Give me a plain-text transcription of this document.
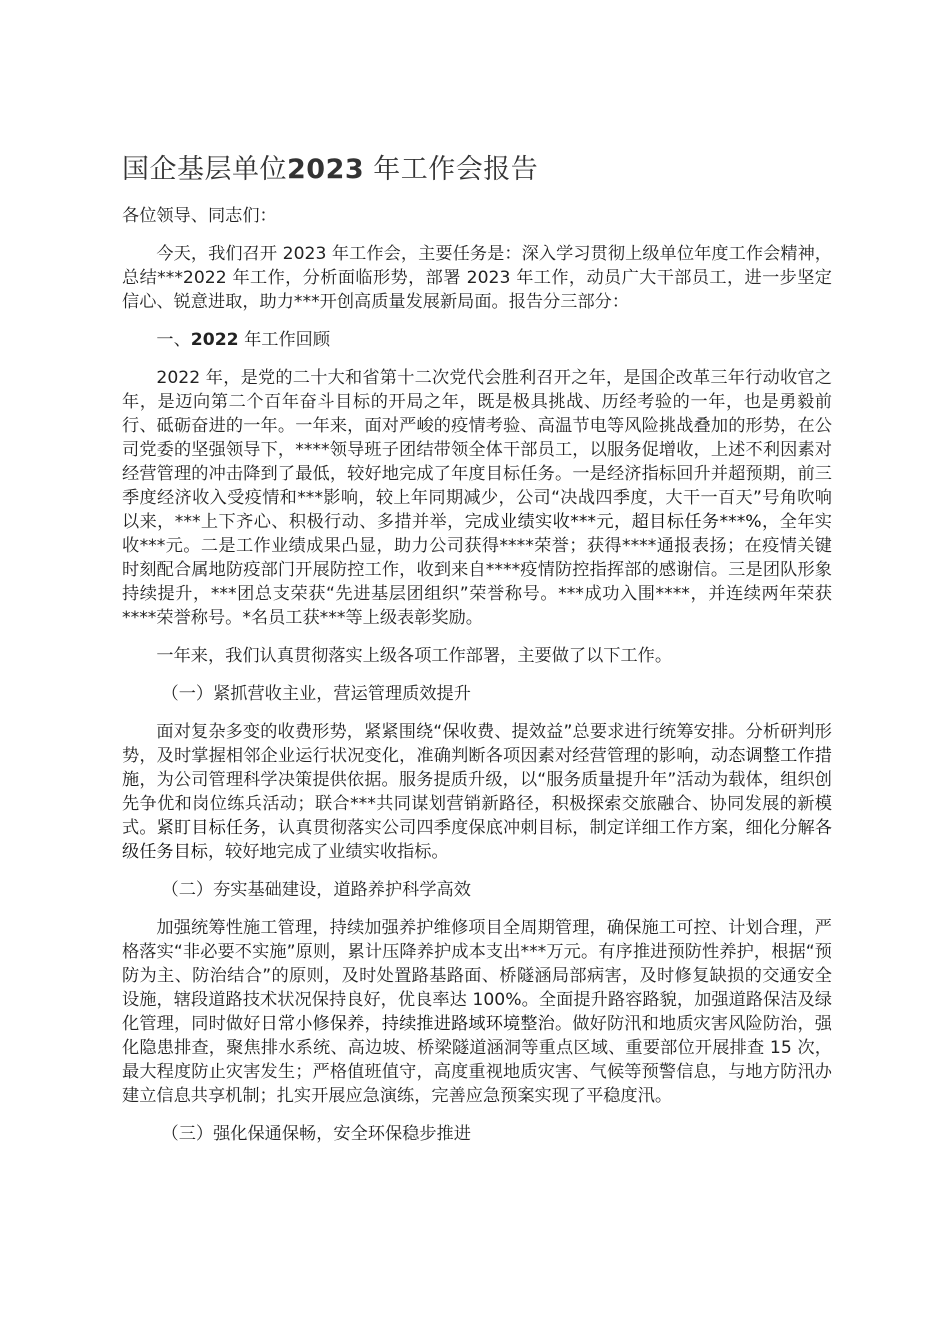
国企基层单位2023 年工作会报告

各位领导、同志们：

今天，我们召开 2023 年工作会，主要任务是：深入学习贯彻上级单位年度工作会精神，总结***2022 年工作，分析面临形势，部署 2023 年工作，动员广大干部员工，进一步坚定信心、锐意进取，助力***开创高质量发展新局面。报告分三部分：

一、2022 年工作回顾

2022 年，是党的二十大和省第十二次党代会胜利召开之年，是国企改革三年行动收官之年，是迈向第二个百年奋斗目标的开局之年，既是极具挑战、历经考验的一年，也是勇毅前行、砥砺奋进的一年。一年来，面对严峻的疫情考验、高温节电等风险挑战叠加的形势，在公司党委的坚强领导下，****领导班子团结带领全体干部员工，以服务促增收，上述不利因素对经营管理的冲击降到了最低，较好地完成了年度目标任务。一是经济指标回升并超预期，前三季度经济收入受疫情和***影响，较上年同期减少，公司“决战四季度，大干一百天”号角吹响以来，***上下齐心、积极行动、多措并举，完成业绩实收***元，超目标任务***%，全年实收***元。二是工作业绩成果凸显，助力公司获得****荣誉；获得****通报表扬；在疫情关键时刻配合属地防疫部门开展防控工作，收到来自****疫情防控指挥部的感谢信。三是团队形象持续提升，***团总支荣获“先进基层团组织”荣誉称号。***成功入围****，并连续两年荣获****荣誉称号。*名员工获***等上级表彰奖励。

一年来，我们认真贯彻落实上级各项工作部署，主要做了以下工作。

（一）紧抓营收主业，营运管理质效提升

面对复杂多变的收费形势，紧紧围绕“保收费、提效益”总要求进行统筹安排。分析研判形势，及时掌握相邻企业运行状况变化，准确判断各项因素对经营管理的影响，动态调整工作措施，为公司管理科学决策提供依据。服务提质升级，以“服务质量提升年”活动为载体，组织创先争优和岗位练兵活动；联合***共同谋划营销新路径，积极探索交旅融合、协同发展的新模式。紧盯目标任务，认真贯彻落实公司四季度保底冲刺目标，制定详细工作方案，细化分解各级任务目标，较好地完成了业绩实收指标。

（二）夯实基础建设，道路养护科学高效

加强统筹性施工管理，持续加强养护维修项目全周期管理，确保施工可控、计划合理，严格落实“非必要不实施”原则，累计压降养护成本支出***万元。有序推进预防性养护，根据“预防为主、防治结合”的原则，及时处置路基路面、桥隧涵局部病害，及时修复缺损的交通安全设施，辖段道路技术状况保持良好，优良率达 100%。全面提升路容路貌，加强道路保洁及绿化管理，同时做好日常小修保养，持续推进路域环境整治。做好防汛和地质灾害风险防治，强化隐患排查，聚焦排水系统、高边坡、桥梁隧道涵洞等重点区域、重要部位开展排查 15 次，最大程度防止灾害发生；严格值班值守，高度重视地质灾害、气候等预警信息，与地方防汛办建立信息共享机制；扎实开展应急演练，完善应急预案实现了平稳度汛。

（三）强化保通保畅，安全环保稳步推进
